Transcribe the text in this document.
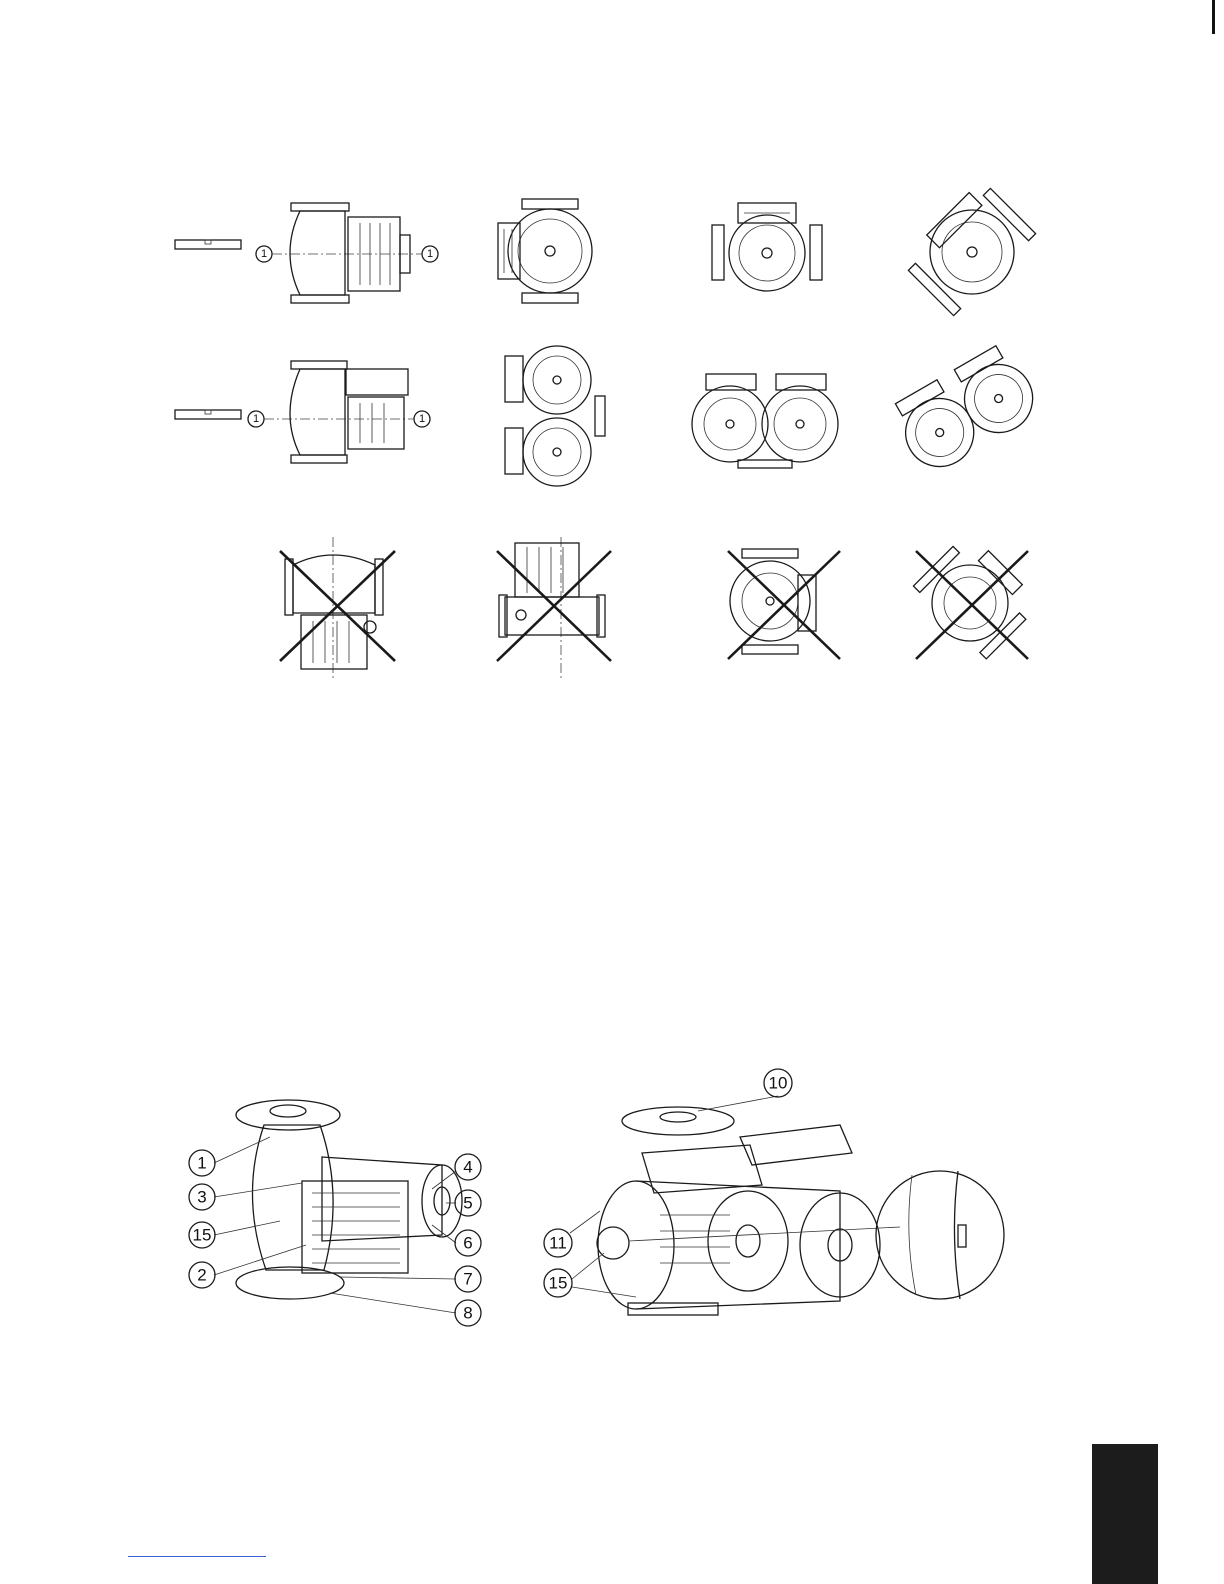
1	1
1	1
1
3
15
2
4
5
6
7
8
10
11
15
